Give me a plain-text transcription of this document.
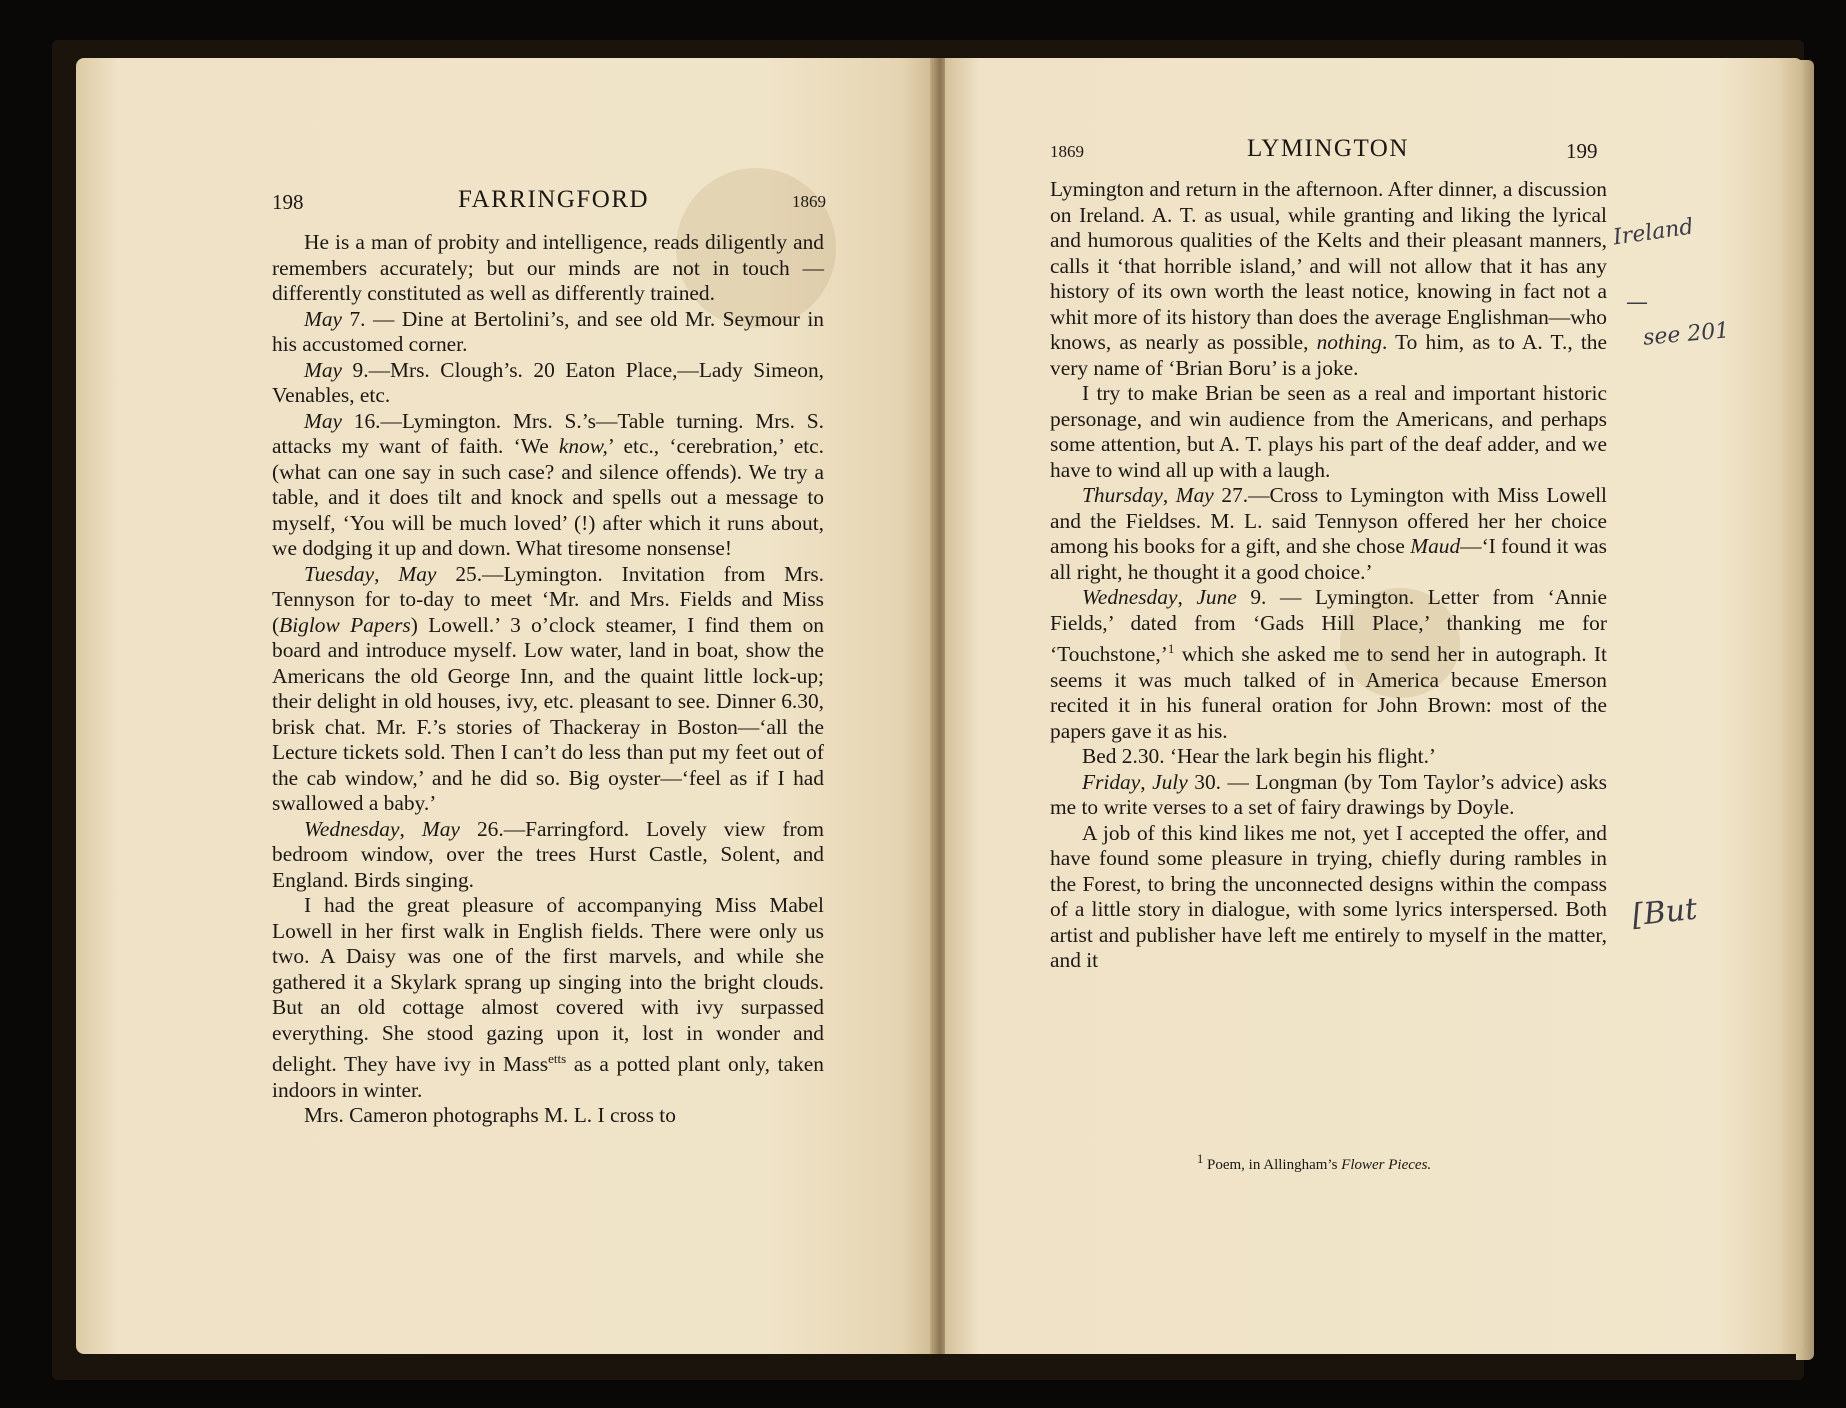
198	FARRINGFORD	1869

He is a man of probity and intelligence, reads diligently and remembers accurately; but our minds are not in touch — differently constituted as well as differently trained.

May 7. — Dine at Bertolini’s, and see old Mr. Seymour in his accustomed corner.

May 9.—Mrs. Clough’s. 20 Eaton Place,—Lady Simeon, Venables, etc.

May 16.—Lymington. Mrs. S.’s—Table turning. Mrs. S. attacks my want of faith. ‘We know,’ etc., ‘cerebration,’ etc. (what can one say in such case? and silence offends). We try a table, and it does tilt and knock and spells out a message to myself, ‘You will be much loved’ (!) after which it runs about, we dodging it up and down. What tiresome nonsense!

Tuesday, May 25.—Lymington. Invitation from Mrs. Tennyson for to-day to meet ‘Mr. and Mrs. Fields and Miss (Biglow Papers) Lowell.’ 3 o’clock steamer, I find them on board and introduce myself. Low water, land in boat, show the Americans the old George Inn, and the quaint little lock-up; their delight in old houses, ivy, etc. pleasant to see. Dinner 6.30, brisk chat. Mr. F.’s stories of Thackeray in Boston—‘all the Lecture tickets sold. Then I can’t do less than put my feet out of the cab window,’ and he did so. Big oyster—‘feel as if I had swallowed a baby.’

Wednesday, May 26.—Farringford. Lovely view from bedroom window, over the trees Hurst Castle, Solent, and England. Birds singing.

I had the great pleasure of accompanying Miss Mabel Lowell in her first walk in English fields. There were only us two. A Daisy was one of the first marvels, and while she gathered it a Skylark sprang up singing into the bright clouds. But an old cottage almost covered with ivy surpassed everything. She stood gazing upon it, lost in wonder and delight. They have ivy in Mass$^{etts}$ as a potted plant only, taken indoors in winter.

Mrs. Cameron photographs M. L. I cross to

1869	LYMINGTON	199

Lymington and return in the afternoon. After dinner, a discussion on Ireland. A. T. as usual, while granting and liking the lyrical and humorous qualities of the Kelts and their pleasant manners, calls it ‘that horrible island,’ and will not allow that it has any history of its own worth the least notice, knowing in fact not a whit more of its history than does the average Englishman—who knows, as nearly as possible, nothing. To him, as to A. T., the very name of ‘Brian Boru’ is a joke.

I try to make Brian be seen as a real and important historic personage, and win audience from the Americans, and perhaps some attention, but A. T. plays his part of the deaf adder, and we have to wind all up with a laugh.

Thursday, May 27.—Cross to Lymington with Miss Lowell and the Fieldses. M. L. said Tennyson offered her her choice among his books for a gift, and she chose Maud—‘I found it was all right, he thought it a good choice.’

Wednesday, June 9. — Lymington. Letter from ‘Annie Fields,’ dated from ‘Gads Hill Place,’ thanking me for ‘Touchstone,’$^1$ which she asked me to send her in autograph. It seems it was much talked of in America because Emerson recited it in his funeral oration for John Brown: most of the papers gave it as his.

Bed 2.30. ‘Hear the lark begin his flight.’

Friday, July 30. — Longman (by Tom Taylor’s advice) asks me to write verses to a set of fairy drawings by Doyle.

A job of this kind likes me not, yet I accepted the offer, and have found some pleasure in trying, chiefly during rambles in the Forest, to bring the unconnected designs within the compass of a little story in dialogue, with some lyrics interspersed. Both artist and publisher have left me entirely to myself in the matter, and it

$^1$ Poem, in Allingham’s Flower Pieces.
Ireland
—
see 201
[But
